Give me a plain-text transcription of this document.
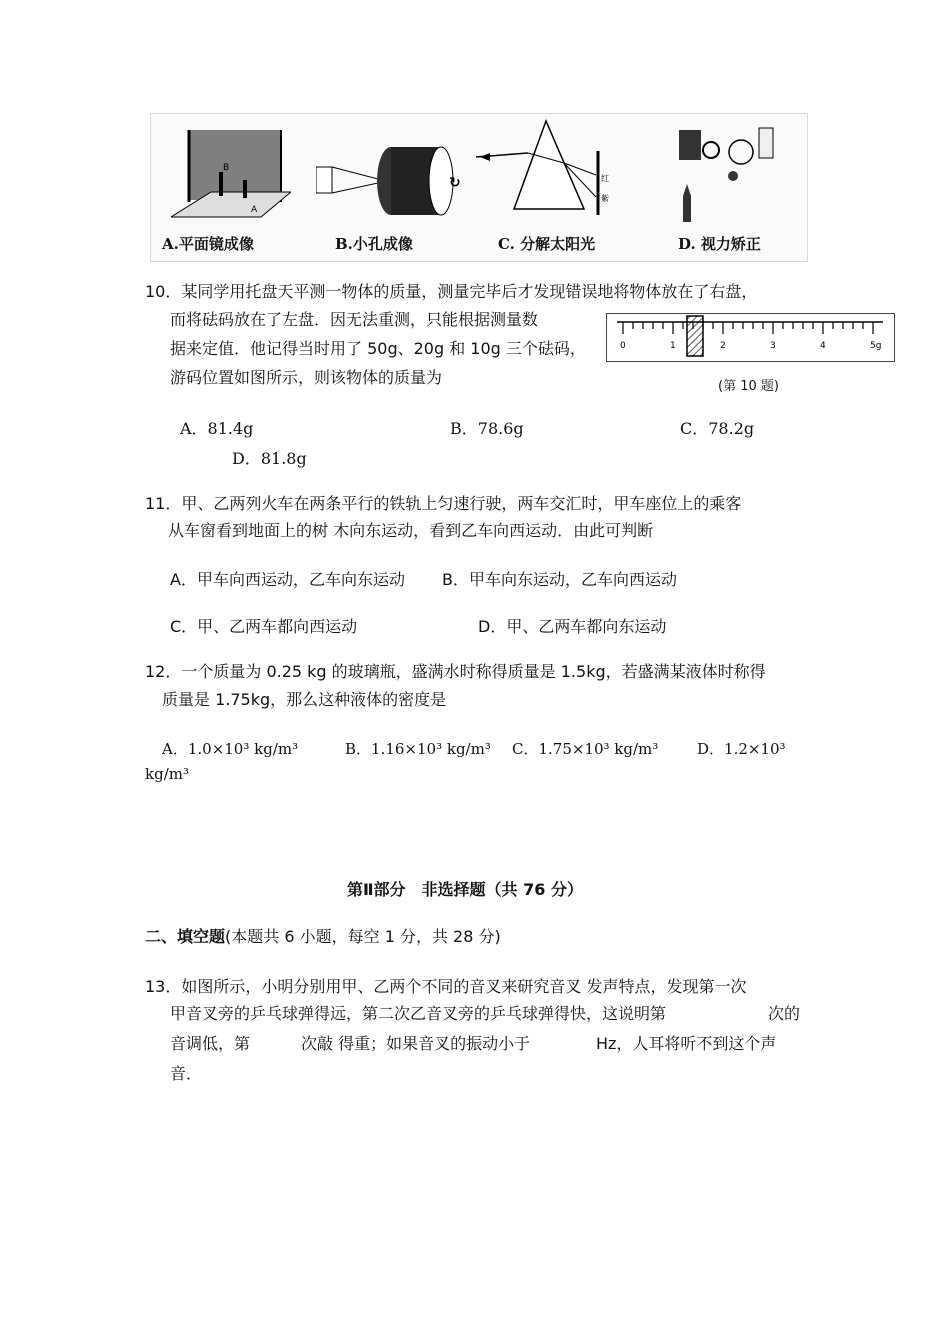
B
A
↻	红
紫
A.平面镜成像	B.小孔成像	C. 分解太阳光	D. 视力矫正
10．某同学用托盘天平测一物体的质量，测量完毕后才发现错误地将物体放在了右盘，
而将砝码放在了左盘．因无法重测，只能根据测量数
据来定值．他记得当时用了 50g、20g 和 10g 三个砝码，
游码位置如图所示，则该物体的质量为
0	1	2	3	4	5g
(第 10 题)
A．81.4g	B．78.6g	C．78.2g
D．81.8g
11．甲、乙两列火车在两条平行的铁轨上匀速行驶，两车交汇时，甲车座位上的乘客
从车窗看到地面上的树 木向东运动，看到乙车向西运动．由此可判断
A．甲车向西运动，乙车向东运动 B．甲车向东运动，乙车向西运动
C．甲、乙两车都向西运动	D．甲、乙两车都向东运动
12．一个质量为 0.25 kg 的玻璃瓶，盛满水时称得质量是 1.5kg，若盛满某液体时称得
质量是 1.75kg，那么这种液体的密度是
A．1.0×10³ kg/m³	B．1.16×10³ kg/m³ C．1.75×10³ kg/m³	D．1.2×10³
kg/m³
第Ⅱ部分　非选择题（共 76 分）
二、填空题(本题共 6 小题，每空 1 分，共 28 分)
13．如图所示，小明分别用甲、乙两个不同的音叉来研究音叉 发声特点，发现第一次
甲音叉旁的乒乓球弹得远，第二次乙音叉旁的乒乓球弹得快，这说明第	次的
音调低，第	次敲 得重；如果音叉的振动小于	Hz，人耳将听不到这个声
音．
